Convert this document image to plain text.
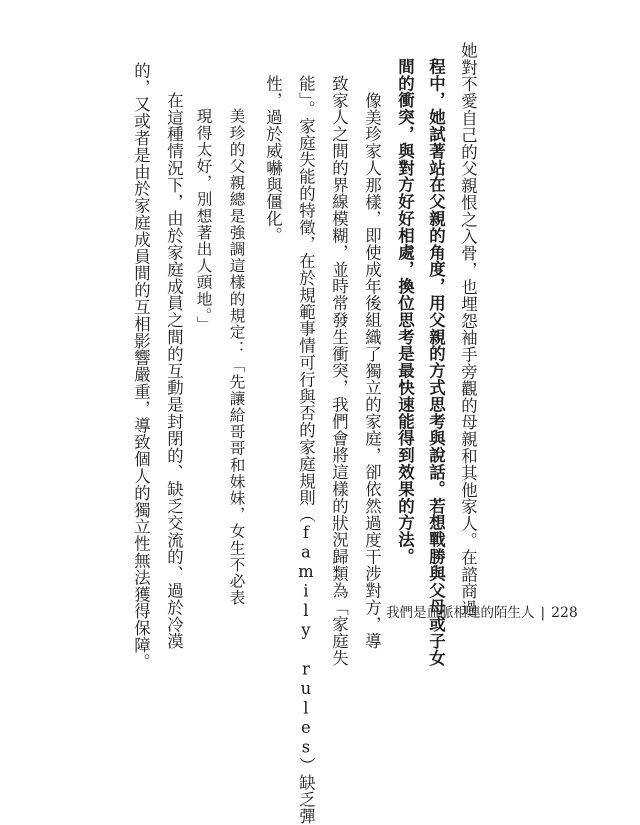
她對不愛自己的父親恨之入骨，也埋怨袖手旁觀的母親和其他家人。在諮商過
程中，她試著站在父親的角度，用父親的方式思考與說話。若想戰勝與父母或子女
間的衝突，與對方好好相處，換位思考是最快速能得到效果的方法。
像美珍家人那樣，即使成年後組織了獨立的家庭，卻依然過度干涉對方，導
致家人之間的界線模糊，並時常發生衝突，我們會將這樣的狀況歸類為「家庭失
能」。家庭失能的特徵，在於規範事情可行與否的家庭規則（family rules）缺乏彈
性，過於威嚇與僵化。
美珍的父親總是強調這樣的規定：「先讓給哥哥和妹妹，女生不必表
現得太好，別想著出人頭地。」
在這種情況下，由於家庭成員之間的互動是封閉的、缺乏交流的、過於冷漠
的，又或者是由於家庭成員間的互相影響嚴重，導致個人的獨立性無法獲得保障。	我們是血脈相連的陌生人 | 228
